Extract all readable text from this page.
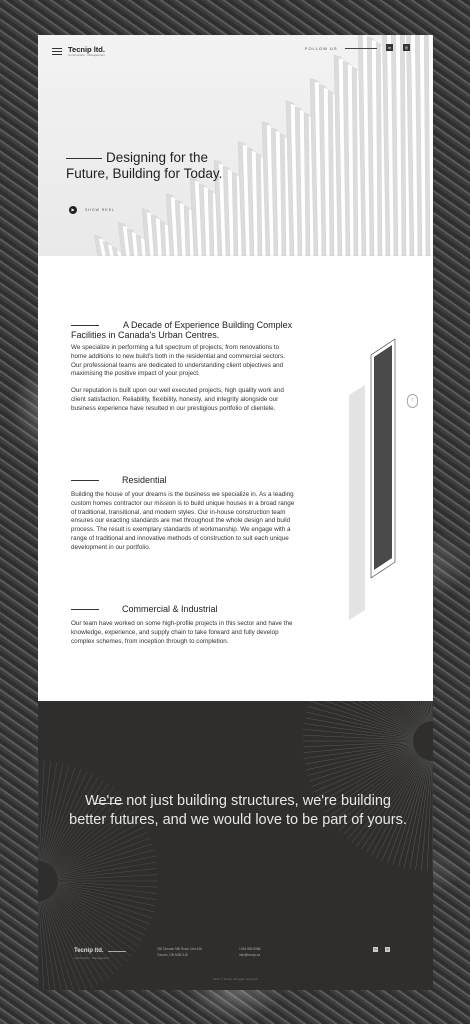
Tecnip ltd.
Construction · Management
FOLLOW US	in	◎
Designing for the Future, Building for Today.
▶	SHOW REEL
A Decade of Experience Building Complex Facilities in Canada's Urban Centres.

We specialize in performing a full spectrum of projects, from renovations to home additions to new build's both in the residential and commercial sectors. Our professional teams are dedicated to understanding client objectives and maximising the positive impact of your project.

Our reputation is built upon our well executed projects, high quality work and client satisfaction. Reliability, flexibility, honesty, and integrity alongside our business experience have resulted in our prestigious portfolio of clientele.

Residential

Building the house of your dreams is the business we specialize in. As a leading custom homes contractor our mission is to build unique houses in a broad range of traditional, transitional, and modern styles. Our in-house construction team ensures our exacting standards are met throughout the whole design and build process. The result is exemplary standards of workmanship. We engage with a range of traditional and innovative methods of construction to suit each unique development in our portfolio.

Commercial & Industrial

Our team have worked on some high-profile projects in this sector and have the knowledge, experience, and supply chain to take forward and fully develop complex schemes, from inception through to completion.

↑
We're not just building structures, we're building better futures, and we would love to be part of yours.
Tecnip ltd.
Construction · Management
250 Duncan Mill Road, Unit 406
Toronto, ON M3B 3J5
+416 855 8368
info@tecnip.ca
in	◎
2024 © Tecnip. All rights reserved.
